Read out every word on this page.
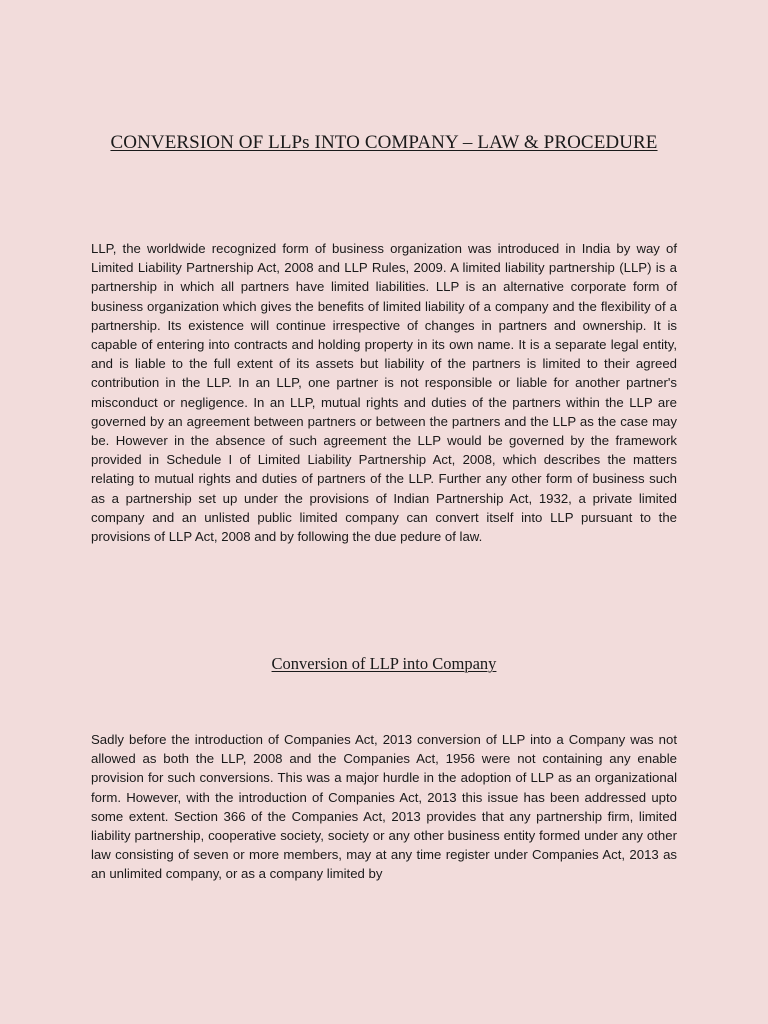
CONVERSION OF LLPs INTO COMPANY – LAW & PROCEDURE

LLP, the worldwide recognized form of business organization was introduced in India by way of Limited Liability Partnership Act, 2008 and LLP Rules, 2009. A limited liability partnership (LLP) is a partnership in which all partners have limited liabilities. LLP is an alternative corporate form of business organization which gives the benefits of limited liability of a company and the flexibility of a partnership. Its existence will continue irrespective of changes in partners and ownership. It is capable of entering into contracts and holding property in its own name. It is a separate legal entity, and is liable to the full extent of its assets but liability of the partners is limited to their agreed contribution in the LLP. In an LLP, one partner is not responsible or liable for another partner's misconduct or negligence. In an LLP, mutual rights and duties of the partners within the LLP are governed by an agreement between partners or between the partners and the LLP as the case may be. However in the absence of such agreement the LLP would be governed by the framework provided in Schedule I of Limited Liability Partnership Act, 2008, which describes the matters relating to mutual rights and duties of partners of the LLP. Further any other form of business such as a partnership set up under the provisions of Indian Partnership Act, 1932, a private limited company and an unlisted public limited company can convert itself into LLP pursuant to the provisions of LLP Act, 2008 and by following the due pedure of law.

Conversion of LLP into Company

Sadly before the introduction of Companies Act, 2013 conversion of LLP into a Company was not allowed as both the LLP, 2008 and the Companies Act, 1956 were not containing any enable provision for such conversions. This was a major hurdle in the adoption of LLP as an organizational form. However, with the introduction of Companies Act, 2013 this issue has been addressed upto some extent. Section 366 of the Companies Act, 2013 provides that any partnership firm, limited liability partnership, cooperative society, society or any other business entity formed under any other law consisting of seven or more members, may at any time register under Companies Act, 2013 as an unlimited company, or as a company limited by
